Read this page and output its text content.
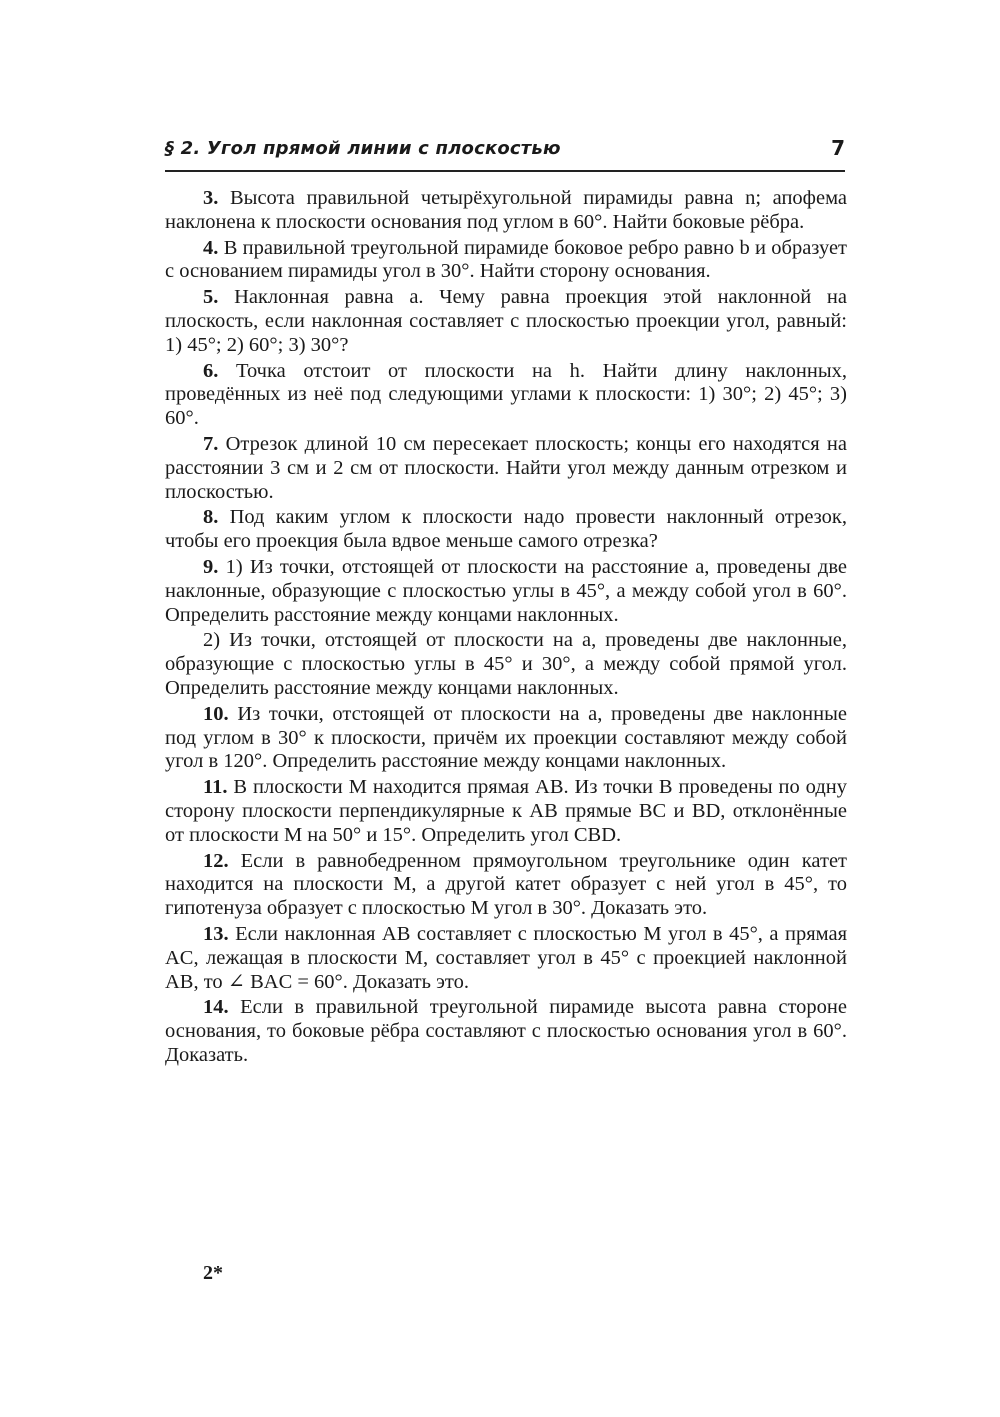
§ 2. Угол прямой линии с плоскостью	7

3. Высота правильной четырёхугольной пирамиды равна n; апофема наклонена к плоскости основания под углом в 60°. Найти боковые рёбра.

4. В правильной треугольной пирамиде боковое ребро равно b и образует с основанием пирамиды угол в 30°. Найти сторону основания.

5. Наклонная равна a. Чему равна проекция этой наклонной на плоскость, если наклонная составляет с плоскостью проекции угол, равный: 1) 45°; 2) 60°; 3) 30°?

6. Точка отстоит от плоскости на h. Найти длину наклонных, проведённых из неё под следующими углами к плоскости: 1) 30°; 2) 45°; 3) 60°.

7. Отрезок длиной 10 см пересекает плоскость; концы его находятся на расстоянии 3 см и 2 см от плоскости. Найти угол между данным отрезком и плоскостью.

8. Под каким углом к плоскости надо провести наклонный отрезок, чтобы его проекция была вдвое меньше самого отрезка?

9. 1) Из точки, отстоящей от плоскости на расстояние a, проведены две наклонные, образующие с плоскостью углы в 45°, а между собой угол в 60°. Определить расстояние между концами наклонных.

2) Из точки, отстоящей от плоскости на a, проведены две наклонные, образующие с плоскостью углы в 45° и 30°, а между собой прямой угол. Определить расстояние между концами наклонных.

10. Из точки, отстоящей от плоскости на a, проведены две наклонные под углом в 30° к плоскости, причём их проекции составляют между собой угол в 120°. Определить расстояние между концами наклонных.

11. В плоскости M находится прямая AB. Из точки B проведены по одну сторону плоскости перпендикулярные к AB прямые BC и BD, отклонённые от плоскости M на 50° и 15°. Определить угол CBD.

12. Если в равнобедренном прямоугольном треугольнике один катет находится на плоскости M, а другой катет образует с ней угол в 45°, то гипотенуза образует с плоскостью M угол в 30°. Доказать это.

13. Если наклонная AB составляет с плоскостью M угол в 45°, а прямая AC, лежащая в плоскости M, составляет угол в 45° с проекцией наклонной AB, то ∠ BAC = 60°. Доказать это.

14. Если в правильной треугольной пирамиде высота равна стороне основания, то боковые рёбра составляют с плоскостью основания угол в 60°. Доказать.

2*
